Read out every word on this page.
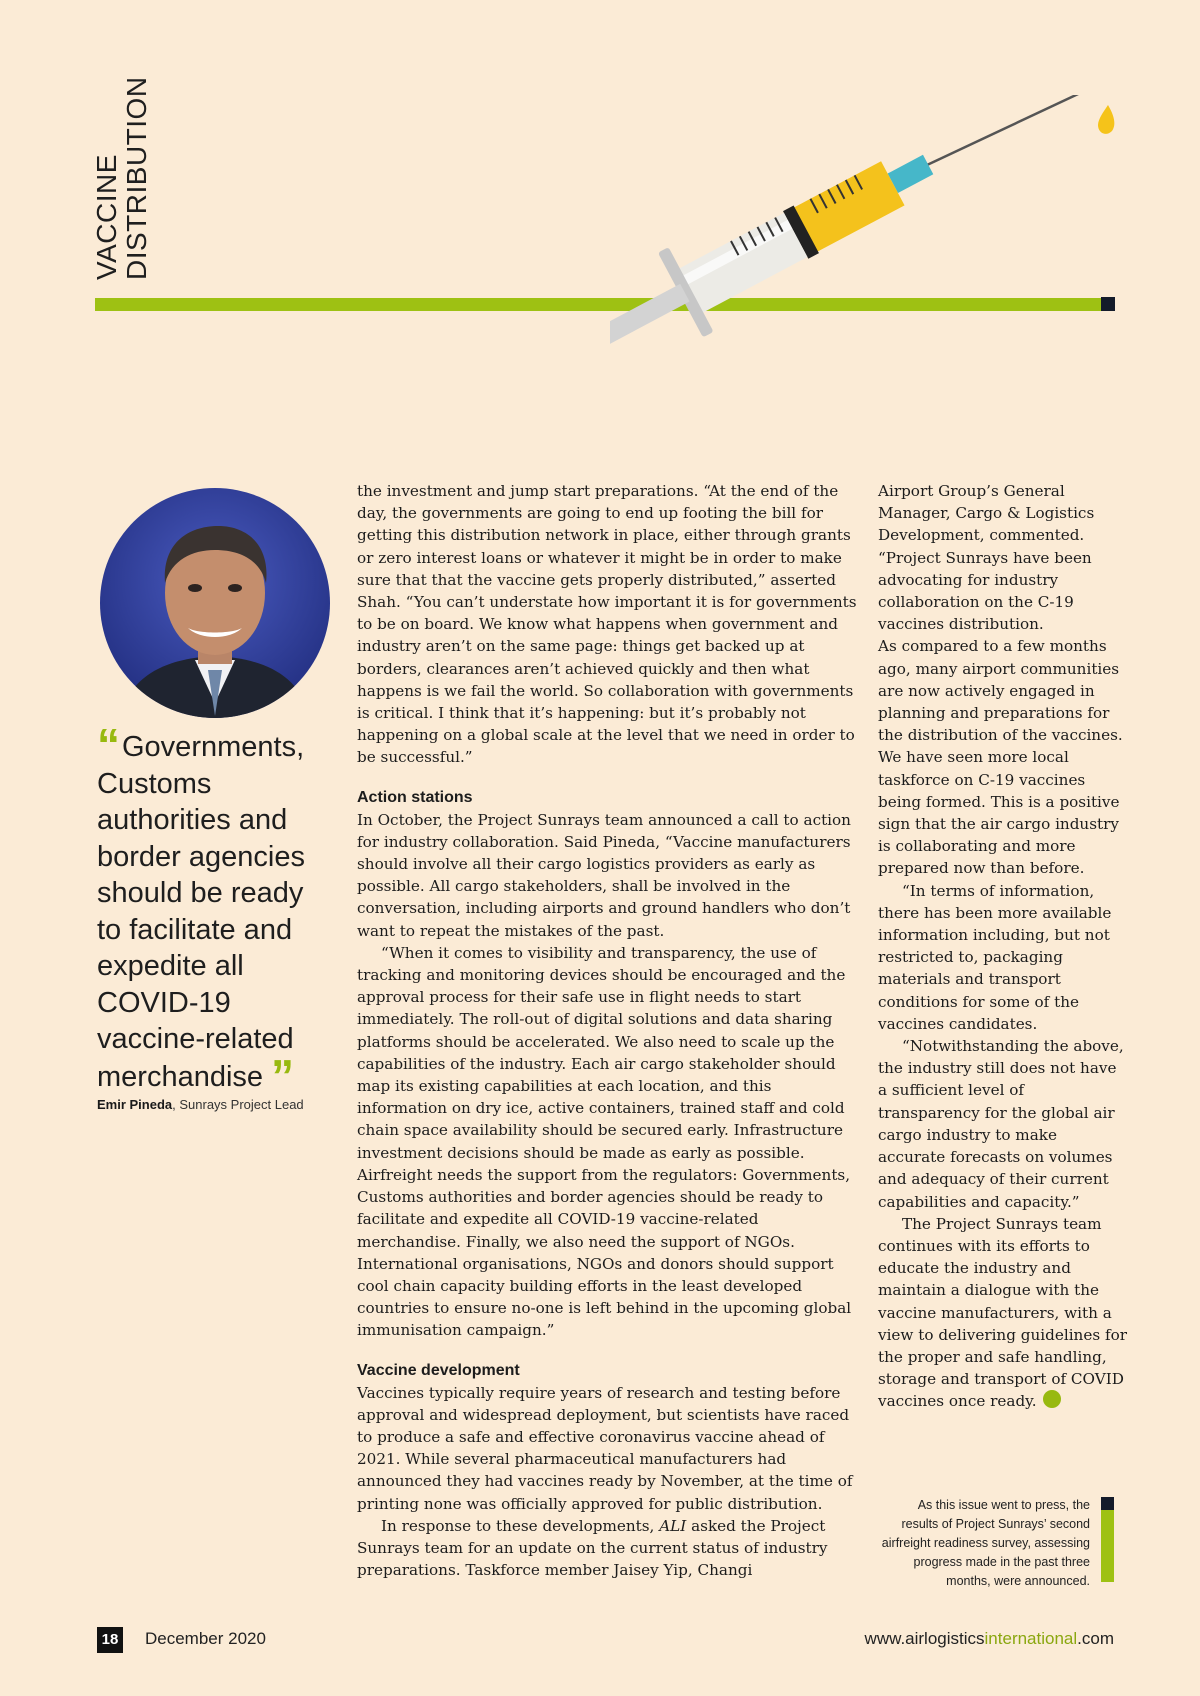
VACCINE
DISTRIBUTION
“ Governments, Customs authorities and border agencies should be ready to facilitate and expedite all COVID-19 vaccine-related merchandise ”
Emir Pineda, Sunrays Project Lead

the investment and jump start preparations. “At the end of the day, the governments are going to end up footing the bill for getting this distribution network in place, either through grants or zero interest loans or whatever it might be in order to make sure that that the vaccine gets properly distributed,” asserted Shah. “You can’t understate how important it is for governments to be on board. We know what happens when government and industry aren’t on the same page: things get backed up at borders, clearances aren’t achieved quickly and then what happens is we fail the world. So collaboration with governments is critical. I think that it’s happening: but it’s probably not happening on a global scale at the level that we need in order to be successful.”

Action stations

In October, the Project Sunrays team announced a call to action for industry collaboration. Said Pineda, “Vaccine manufacturers should involve all their cargo logistics providers as early as possible. All cargo stakeholders, shall be involved in the conversation, including airports and ground handlers who don’t want to repeat the mistakes of the past.

“When it comes to visibility and transparency, the use of tracking and monitoring devices should be encouraged and the approval process for their safe use in flight needs to start immediately. The roll-out of digital solutions and data sharing platforms should be accelerated. We also need to scale up the capabilities of the industry. Each air cargo stakeholder should map its existing capabilities at each location, and this information on dry ice, active containers, trained staff and cold chain space availability should be secured early. Infrastructure investment decisions should be made as early as possible. Airfreight needs the support from the regulators: Governments, Customs authorities and border agencies should be ready to facilitate and expedite all COVID-19 vaccine-related merchandise. Finally, we also need the support of NGOs. International organisations, NGOs and donors should support cool chain capacity building efforts in the least developed countries to ensure no-one is left behind in the upcoming global immunisation campaign.”

Vaccine development

Vaccines typically require years of research and testing before approval and widespread deployment, but scientists have raced to produce a safe and effective coronavirus vaccine ahead of 2021. While several pharmaceutical manufacturers had announced they had vaccines ready by November, at the time of printing none was officially approved for public distribution.

In response to these developments, ALI asked the Project Sunrays team for an update on the current status of industry preparations. Taskforce member Jaisey Yip, Changi

Airport Group’s General Manager, Cargo & Logistics Development, commented. “Project Sunrays have been advocating for industry collaboration on the C-19 vaccines distribution.

As compared to a few months ago, many airport communities are now actively engaged in planning and preparations for the distribution of the vaccines. We have seen more local taskforce on C-19 vaccines being formed. This is a positive sign that the air cargo industry is collaborating and more prepared now than before.

“In terms of information, there has been more available information including, but not restricted to, packaging materials and transport conditions for some of the vaccines candidates.

“Notwithstanding the above, the industry still does not have a sufficient level of transparency for the global air cargo industry to make accurate forecasts on volumes and adequacy of their current capabilities and capacity.”

The Project Sunrays team continues with its efforts to educate the industry and maintain a dialogue with the vaccine manufacturers, with a view to delivering guidelines for the proper and safe handling, storage and transport of COVID vaccines once ready.

As this issue went to press, the results of Project Sunrays’ second airfreight readiness survey, assessing progress made in the past three months, were announced.
18 December 2020	www.airlogisticsinternational.com
